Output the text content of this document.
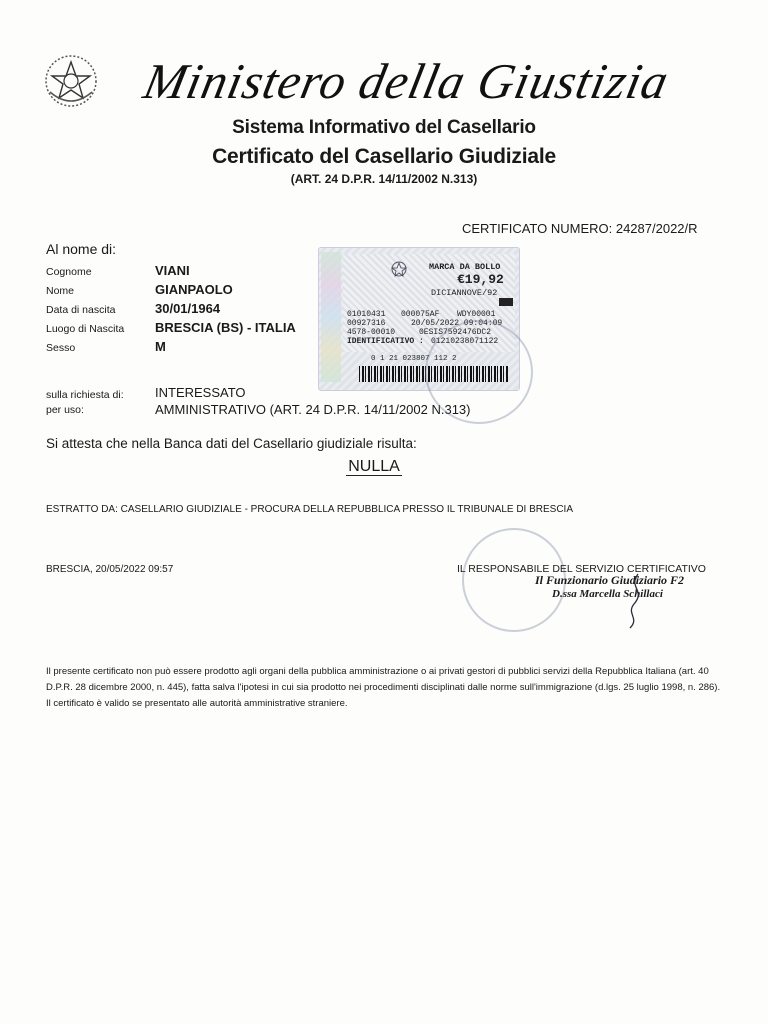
Ministero della Giustizia
Sistema Informativo del Casellario
Certificato del Casellario Giudiziale
(ART. 24 D.P.R. 14/11/2002 N.313)
CERTIFICATO NUMERO: 24287/2022/R
Al nome di:
Cognome	VIANI
Nome	GIANPAOLO
Data di nascita	30/01/1964
Luogo di Nascita BRESCIA (BS) - ITALIA
Sesso	M
sulla richiesta di: INTERESSATO
per uso:	AMMINISTRATIVO (ART. 24 D.P.R. 14/11/2002 N.313)
MARCA DA BOLLO
€19,92
DICIANNOVE/92
01010431 000075AF WDY00001
00927316	20/05/2022 09:04:09
4578-00010	0ESIS7592476DC2
IDENTIFICATIVO : 01210238071122
0 1 21 023807 112 2
Si attesta che nella Banca dati del Casellario giudiziale risulta:
NULLA
ESTRATTO DA: CASELLARIO GIUDIZIALE - PROCURA DELLA REPUBBLICA PRESSO IL TRIBUNALE DI BRESCIA
BRESCIA, 20/05/2022 09:57	IL RESPONSABILE DEL SERVIZIO CERTIFICATIVO
Il Funzionario Giudiziario F2
D.ssa Marcella Schillaci
Il presente certificato non può essere prodotto agli organi della pubblica amministrazione o ai privati gestori di pubblici servizi della Repubblica Italiana (art. 40 D.P.R. 28 dicembre 2000, n. 445), fatta salva l'ipotesi in cui sia prodotto nei procedimenti disciplinati dalle norme sull'immigrazione (d.lgs. 25 luglio 1998, n. 286). Il certificato è valido se presentato alle autorità amministrative straniere.
